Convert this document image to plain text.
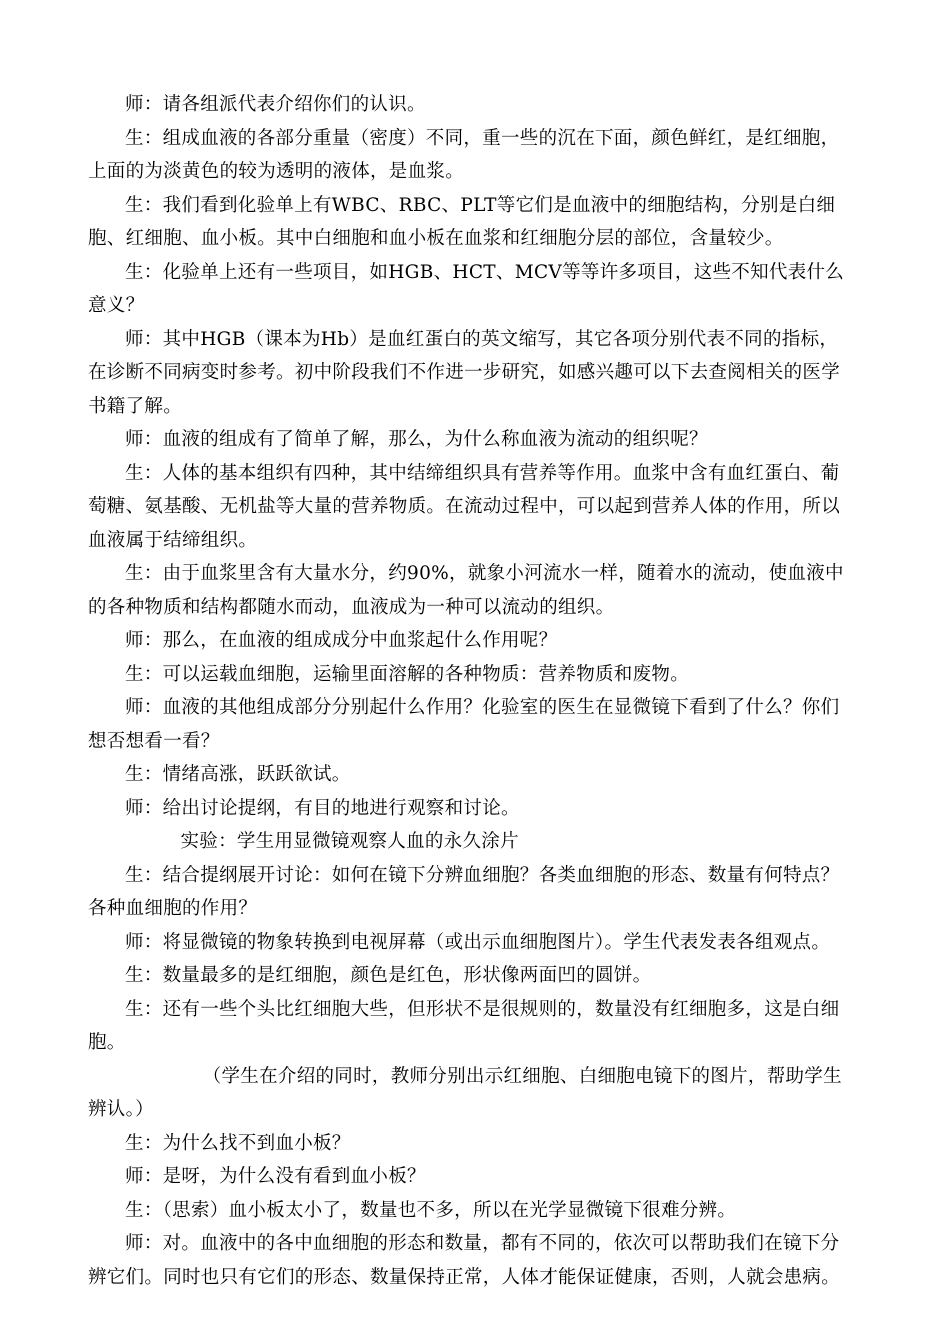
师：请各组派代表介绍你们的认识。

生：组成血液的各部分重量（密度）不同，重一些的沉在下面，颜色鲜红，是红细胞，上面的为淡黄色的较为透明的液体，是血浆。

生：我们看到化验单上有WBC、RBC、PLT等它们是血液中的细胞结构，分别是白细胞、红细胞、血小板。其中白细胞和血小板在血浆和红细胞分层的部位，含量较少。

生：化验单上还有一些项目，如HGB、HCT、MCV等等许多项目，这些不知代表什么意义？

师：其中HGB（课本为Hb）是血红蛋白的英文缩写，其它各项分别代表不同的指标，在诊断不同病变时参考。初中阶段我们不作进一步研究，如感兴趣可以下去查阅相关的医学书籍了解。

师：血液的组成有了简单了解，那么，为什么称血液为流动的组织呢？

生：人体的基本组织有四种，其中结缔组织具有营养等作用。血浆中含有血红蛋白、葡萄糖、氨基酸、无机盐等大量的营养物质。在流动过程中，可以起到营养人体的作用，所以血液属于结缔组织。

生：由于血浆里含有大量水分，约90%，就象小河流水一样，随着水的流动，使血液中的各种物质和结构都随水而动，血液成为一种可以流动的组织。

师：那么，在血液的组成成分中血浆起什么作用呢？

生：可以运载血细胞，运输里面溶解的各种物质：营养物质和废物。

师：血液的其他组成部分分别起什么作用？化验室的医生在显微镜下看到了什么？你们想否想看一看？

生：情绪高涨，跃跃欲试。

师：给出讨论提纲，有目的地进行观察和讨论。

实验：学生用显微镜观察人血的永久涂片

生：结合提纲展开讨论：如何在镜下分辨血细胞？各类血细胞的形态、数量有何特点？各种血细胞的作用？

师：将显微镜的物象转换到电视屏幕（或出示血细胞图片）。学生代表发表各组观点。

生：数量最多的是红细胞，颜色是红色，形状像两面凹的圆饼。

生：还有一些个头比红细胞大些，但形状不是很规则的，数量没有红细胞多，这是白细胞。

（学生在介绍的同时，教师分别出示红细胞、白细胞电镜下的图片，帮助学生辨认。）

生：为什么找不到血小板？

师：是呀，为什么没有看到血小板？

生：（思索）血小板太小了，数量也不多，所以在光学显微镜下很难分辨。

师：对。血液中的各中血细胞的形态和数量，都有不同的，依次可以帮助我们在镜下分辨它们。同时也只有它们的形态、数量保持正常，人体才能保证健康，否则，人就会患病。
